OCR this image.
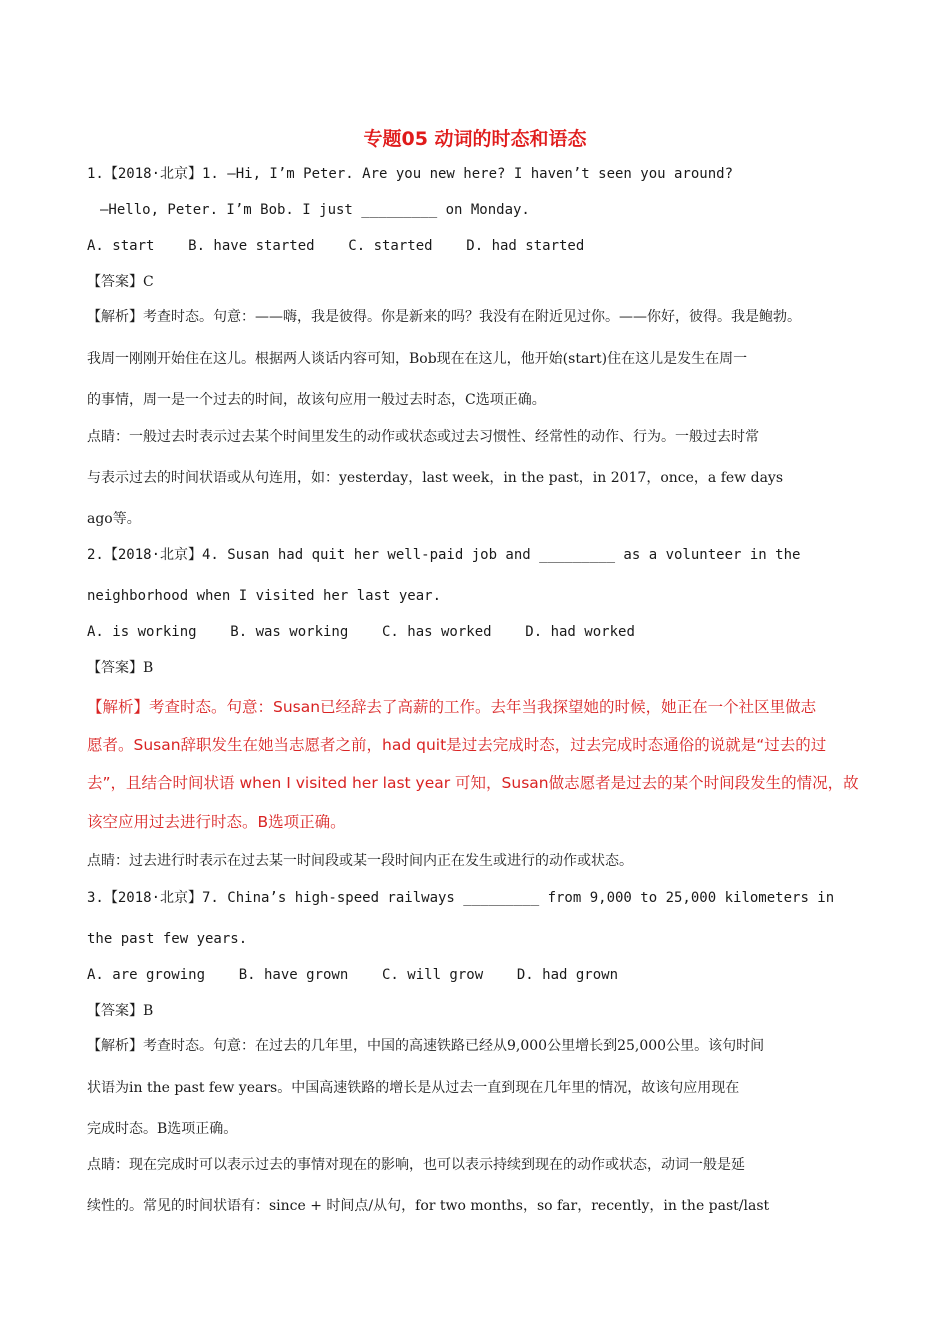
专题05 动词的时态和语态
1.【2018·北京】1. —Hi, I’m Peter. Are you new here? I haven’t seen you around?
—Hello, Peter. I’m Bob. I just _________ on Monday.
A. start    B. have started    C. started    D. had started
【答案】C
【解析】考查时态。句意：——嗨，我是彼得。你是新来的吗？我没有在附近见过你。——你好，彼得。我是鲍勃。
我周一刚刚开始住在这儿。根据两人谈话内容可知，Bob现在在这儿，他开始(start)住在这儿是发生在周一
的事情，周一是一个过去的时间，故该句应用一般过去时态，C选项正确。
点睛：一般过去时表示过去某个时间里发生的动作或状态或过去习惯性、经常性的动作、行为。一般过去时常
与表示过去的时间状语或从句连用，如：yesterday，last week，in the past，in 2017，once，a few days
ago等。
2.【2018·北京】4. Susan had quit her well-paid job and _________ as a volunteer in the
neighborhood when I visited her last year.
A. is working    B. was working    C. has worked    D. had worked
【答案】B
【解析】考查时态。句意：Susan已经辞去了高薪的工作。去年当我探望她的时候，她正在一个社区里做志
愿者。Susan辞职发生在她当志愿者之前，had quit是过去完成时态，过去完成时态通俗的说就是“过去的过
去”，且结合时间状语 when I visited her last year 可知，Susan做志愿者是过去的某个时间段发生的情况，故
该空应用过去进行时态。B选项正确。
点睛：过去进行时表示在过去某一时间段或某一段时间内正在发生或进行的动作或状态。
3.【2018·北京】7. China’s high-speed railways _________ from 9,000 to 25,000 kilometers in
the past few years.
A. are growing    B. have grown    C. will grow    D. had grown
【答案】B
【解析】考查时态。句意：在过去的几年里，中国的高速铁路已经从9,000公里增长到25,000公里。该句时间
状语为in the past few years。中国高速铁路的增长是从过去一直到现在几年里的情况，故该句应用现在
完成时态。B选项正确。
点睛：现在完成时可以表示过去的事情对现在的影响，也可以表示持续到现在的动作或状态，动词一般是延
续性的。常见的时间状语有：since + 时间点/从句，for two months，so far，recently，in the past/last
